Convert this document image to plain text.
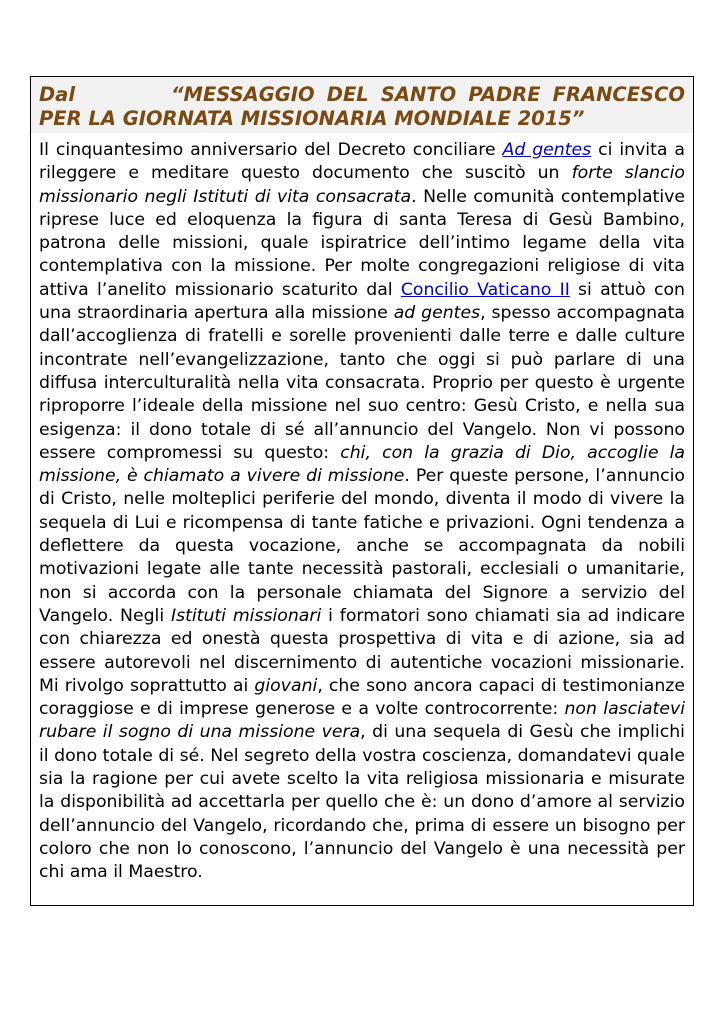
Dal	“MESSAGGIO DEL SANTO PADRE FRANCESCO PER LA GIORNATA MISSIONARIA MONDIALE 2015”
Il cinquantesimo anniversario del Decreto conciliare Ad gentes ci invita a rileggere e meditare questo documento che suscitò un forte slancio missionario negli Istituti di vita consacrata. Nelle comunità contemplative riprese luce ed eloquenza la figura di santa Teresa di Gesù Bambino, patrona delle missioni, quale ispiratrice dell’intimo legame della vita contemplativa con la missione. Per molte congregazioni religiose di vita attiva l’anelito missionario scaturito dal Concilio Vaticano II si attuò con una straordinaria apertura alla missione ad gentes, spesso accompagnata dall’accoglienza di fratelli e sorelle provenienti dalle terre e dalle culture incontrate nell’evangelizzazione, tanto che oggi si può parlare di una diffusa interculturalità nella vita consacrata. Proprio per questo è urgente riproporre l’ideale della missione nel suo centro: Gesù Cristo, e nella sua esigenza: il dono totale di sé all’annuncio del Vangelo. Non vi possono essere compromessi su questo: chi, con la grazia di Dio, accoglie la missione, è chiamato a vivere di missione. Per queste persone, l’annuncio di Cristo, nelle molteplici periferie del mondo, diventa il modo di vivere la sequela di Lui e ricompensa di tante fatiche e privazioni. Ogni tendenza a deflettere da questa vocazione, anche se accompagnata da nobili motivazioni legate alle tante necessità pastorali, ecclesiali o umanitarie, non si accorda con la personale chiamata del Signore a servizio del Vangelo. Negli Istituti missionari i formatori sono chiamati sia ad indicare con chiarezza ed onestà questa prospettiva di vita e di azione, sia ad essere autorevoli nel discernimento di autentiche vocazioni missionarie. Mi rivolgo soprattutto ai giovani, che sono ancora capaci di testimonianze coraggiose e di imprese generose e a volte controcorrente: non lasciatevi rubare il sogno di una missione vera, di una sequela di Gesù che implichi il dono totale di sé. Nel segreto della vostra coscienza, domandatevi quale sia la ragione per cui avete scelto la vita religiosa missionaria e misurate la disponibilità ad accettarla per quello che è: un dono d’amore al servizio dell’annuncio del Vangelo, ricordando che, prima di essere un bisogno per coloro che non lo conoscono, l’annuncio del Vangelo è una necessità per chi ama il Maestro.
